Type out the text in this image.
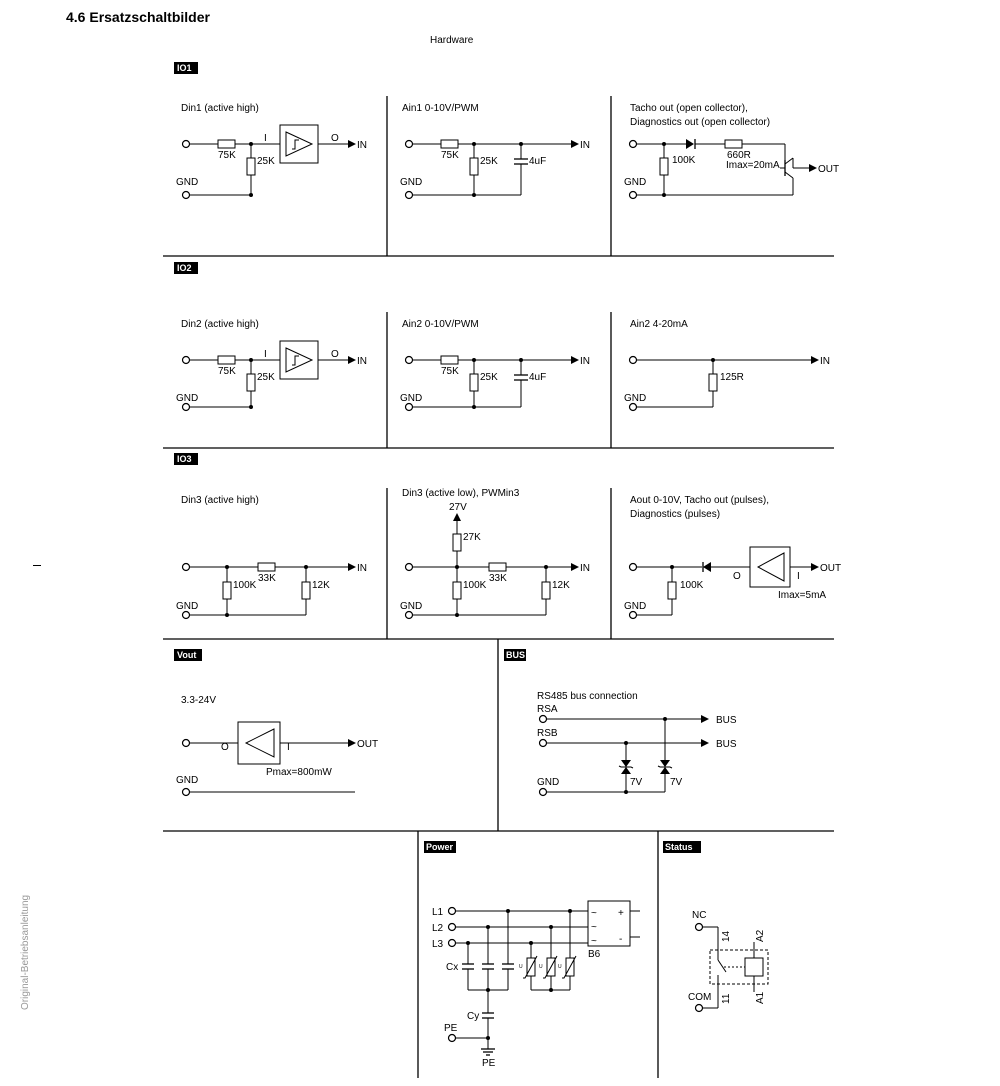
4.6 Ersatzschaltbilder
Hardware
Original-Betriebsanleitung
IO1
IO2
IO3
Vout	BUS
Power	Status
Din1 (active high)
75K
25K
I	O
IN
GND
Ain1 0-10V/PWM
75K
25K	4uF
IN
GND
Tacho out (open collector),
Diagnostics out (open collector)
100K	660R
Imax=20mA	OUT
GND
Din2 (active high)
75K
25K
I	O
IN
GND
Ain2 0-10V/PWM
75K
25K	4uF
IN
GND
Ain2 4-20mA
125R
IN
GND
Din3 (active high)
100K
33K
12K
IN
GND
Din3 (active low), PWMin3
27V
27K
100K
33K
12K
IN
GND
Aout 0-10V, Tacho out (pulses),
Diagnostics (pulses)
GND
100K
O	I
Imax=5mA
OUT
3.3-24V
O	I
Pmax=800mW
OUT
GND
RS485 bus connection
RSA
BUS
RSB
BUS
7V	7V
GND
L1
L2
L3
~
~
~
+
-
B6
Cx	U	U	U
Cy
PE
PE
NC
14 A2
COM 11 A1
